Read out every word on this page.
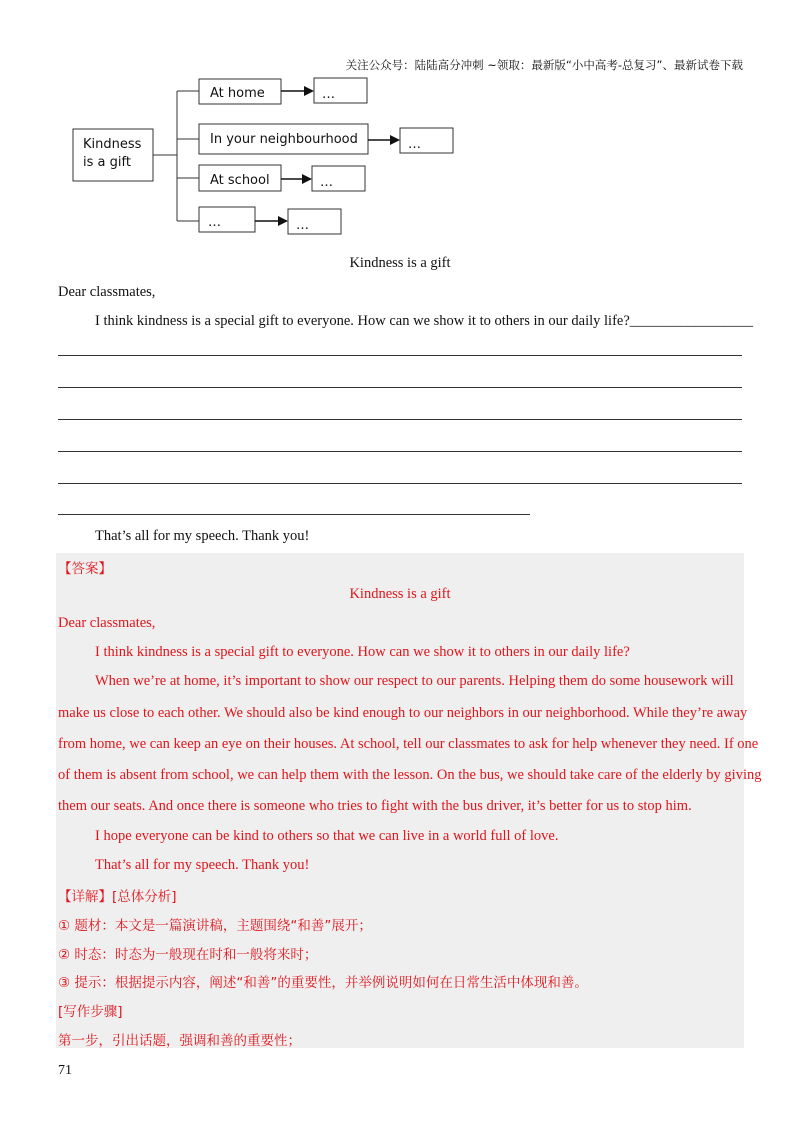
关注公众号：陆陆高分冲刺 ~领取：最新版“小中高考-总复习”、最新试卷下载
Kindness
is a gift
At home	…
In your neighbourhood	…
At school	…
…	…
Kindness is a gift
Dear classmates,
I think kindness is a special gift to everyone. How can we show it to others in our daily life?_________________
That’s all for my speech. Thank you!
【答案】
Kindness is a gift
Dear classmates,
I think kindness is a special gift to everyone. How can we show it to others in our daily life?
When we’re at home, it’s important to show our respect to our parents. Helping them do some housework will
make us close to each other. We should also be kind enough to our neighbors in our neighborhood. While they’re away
from home, we can keep an eye on their houses. At school, tell our classmates to ask for help whenever they need. If one
of them is absent from school, we can help them with the lesson. On the bus, we should take care of the elderly by giving
them our seats. And once there is someone who tries to fight with the bus driver, it’s better for us to stop him.
I hope everyone can be kind to others so that we can live in a world full of love.
That’s all for my speech. Thank you!
【详解】[总体分析]
① 题材：本文是一篇演讲稿，主题围绕“和善”展开；
② 时态：时态为一般现在时和一般将来时；
③ 提示：根据提示内容，阐述“和善”的重要性，并举例说明如何在日常生活中体现和善。
[写作步骤]
第一步，引出话题，强调和善的重要性；
71
